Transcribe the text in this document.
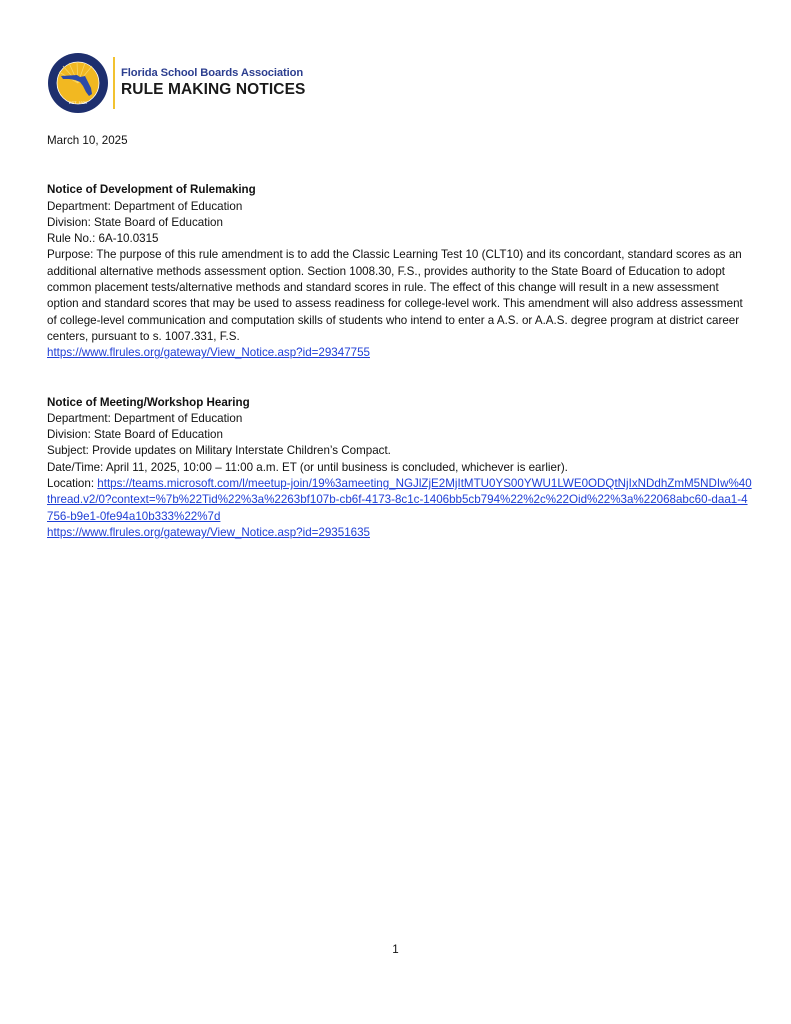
EST. 1930
Florida School Boards Association
RULE MAKING NOTICES
March 10, 2025
Notice of Development of Rulemaking
Department: Department of Education
Division: State Board of Education
Rule No.: 6A-10.0315
Purpose: The purpose of this rule amendment is to add the Classic Learning Test 10 (CLT10) and its concordant, standard scores as an additional alternative methods assessment option. Section 1008.30, F.S., provides authority to the State Board of Education to adopt common placement tests/alternative methods and standard scores in rule. The effect of this change will result in a new assessment option and standard scores that may be used to assess readiness for college-level work. This amendment will also address assessment of college-level communication and computation skills of students who intend to enter a A.S. or A.A.S. degree program at district career centers, pursuant to s. 1007.331, F.S.
https://www.flrules.org/gateway/View_Notice.asp?id=29347755
Notice of Meeting/Workshop Hearing
Department: Department of Education
Division: State Board of Education
Subject: Provide updates on Military Interstate Children’s Compact.
Date/Time: April 11, 2025, 10:00 – 11:00 a.m. ET (or until business is concluded, whichever is earlier).
Location: https://teams.microsoft.com/l/meetup-join/19%3ameeting_NGJlZjE2MjItMTU0YS00YWU1LWE0ODQtNjIxNDdhZmM5NDIw%40thread.v2/0?context=%7b%22Tid%22%3a%2263bf107b-cb6f-4173-8c1c-1406bb5cb794%22%2c%22Oid%22%3a%22068abc60-daa1-4756-b9e1-0fe94a10b333%22%7d
https://www.flrules.org/gateway/View_Notice.asp?id=29351635
1
